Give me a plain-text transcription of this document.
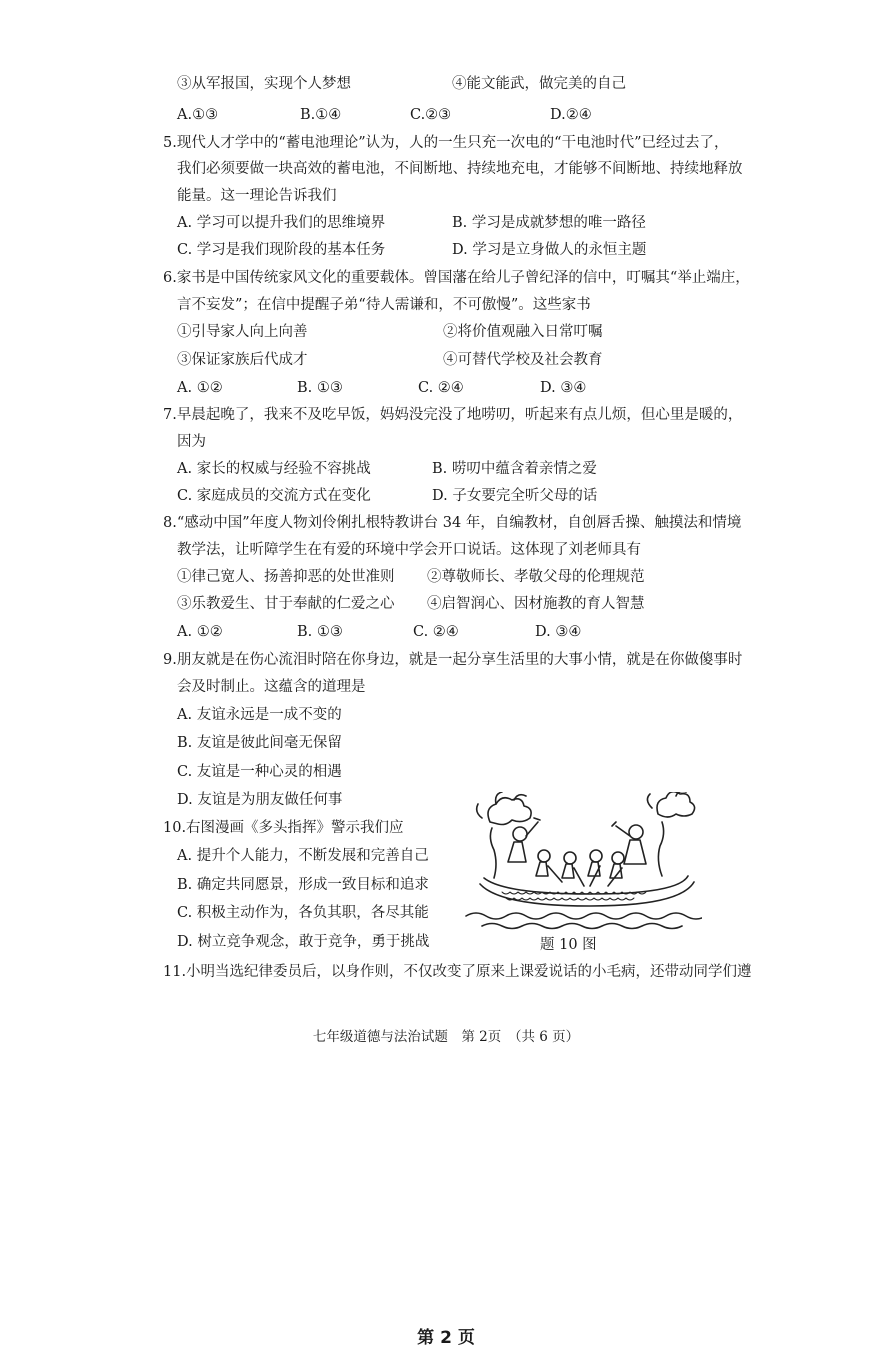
③从军报国，实现个人梦想	④能文能武，做完美的自己
A.①③	B.①④	C.②③	D.②④
5.现代人才学中的“蓄电池理论”认为，人的一生只充一次电的“干电池时代”已经过去了，
我们必须要做一块高效的蓄电池，不间断地、持续地充电，才能够不间断地、持续地释放
能量。这一理论告诉我们
A. 学习可以提升我们的思维境界	B. 学习是成就梦想的唯一路径
C. 学习是我们现阶段的基本任务	D. 学习是立身做人的永恒主题
6.家书是中国传统家风文化的重要载体。曾国藩在给儿子曾纪泽的信中，叮嘱其“举止端庄，
言不妄发”；在信中提醒子弟“待人需谦和，不可傲慢”。这些家书
①引导家人向上向善	②将价值观融入日常叮嘱
③保证家族后代成才	④可替代学校及社会教育
A. ①②	B. ①③	C. ②④	D. ③④
7.早晨起晚了，我来不及吃早饭，妈妈没完没了地唠叨，听起来有点儿烦，但心里是暖的，
因为
A. 家长的权威与经验不容挑战	B. 唠叨中蕴含着亲情之爱
C. 家庭成员的交流方式在变化	D. 子女要完全听父母的话
8.“感动中国”年度人物刘伶俐扎根特教讲台 34 年，自编教材，自创唇舌操、触摸法和情境
教学法，让听障学生在有爱的环境中学会开口说话。这体现了刘老师具有
①律己宽人、扬善抑恶的处世准则 ②尊敬师长、孝敬父母的伦理规范
③乐教爱生、甘于奉献的仁爱之心 ④启智润心、因材施教的育人智慧
A. ①②	B. ①③	C. ②④	D. ③④
9.朋友就是在伤心流泪时陪在你身边，就是一起分享生活里的大事小情，就是在你做傻事时
会及时制止。这蕴含的道理是
A. 友谊永远是一成不变的
B. 友谊是彼此间毫无保留
C. 友谊是一种心灵的相遇
D. 友谊是为朋友做任何事
10.右图漫画《多头指挥》警示我们应
A. 提升个人能力，不断发展和完善自己
B. 确定共同愿景，形成一致目标和追求
C. 积极主动作为，各负其职，各尽其能
D. 树立竞争观念，敢于竞争，勇于挑战	题 10 图
11.小明当选纪律委员后，以身作则，不仅改变了原来上课爱说话的小毛病，还带动同学们遵
七年级道德与法治试题　第 2页　（共 6 页）
第 2 页
